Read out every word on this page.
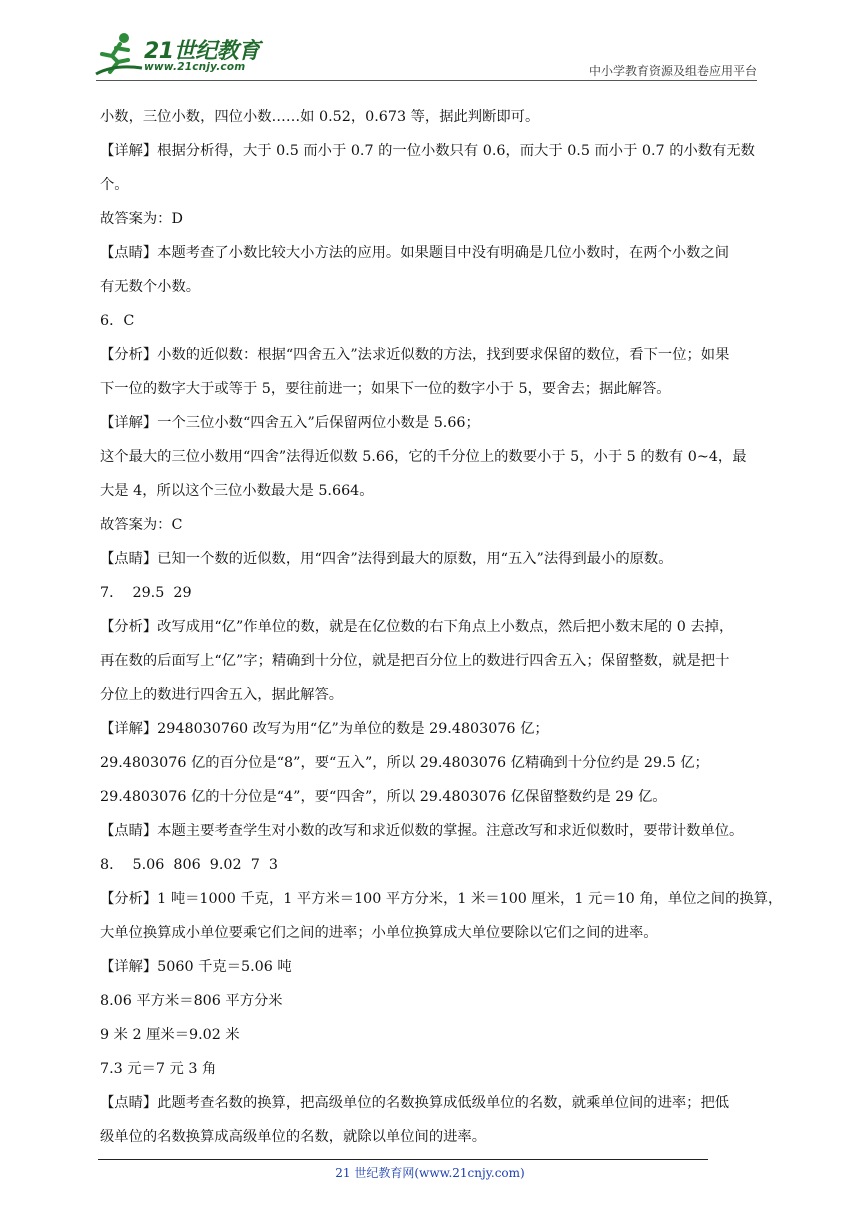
21世纪教育
www.21cnjy.com	中小学教育资源及组卷应用平台

小数，三位小数，四位小数……如 0.52，0.673 等，据此判断即可。

【详解】根据分析得，大于 0.5 而小于 0.7 的一位小数只有 0.6，而大于 0.5 而小于 0.7 的小数有无数

个。

故答案为：D

【点睛】本题考查了小数比较大小方法的应用。如果题目中没有明确是几位小数时，在两个小数之间

有无数个小数。

6．C

【分析】小数的近似数：根据“四舍五入”法求近似数的方法，找到要求保留的数位，看下一位；如果

下一位的数字大于或等于 5，要往前进一；如果下一位的数字小于 5，要舍去；据此解答。

【详解】一个三位小数“四舍五入”后保留两位小数是 5.66；

这个最大的三位小数用“四舍”法得近似数 5.66，它的千分位上的数要小于 5，小于 5 的数有 0~4，最

大是 4，所以这个三位小数最大是 5.664。

故答案为：C

【点睛】已知一个数的近似数，用“四舍”法得到最大的原数，用“五入”法得到最小的原数。

7．  29.5  29

【分析】改写成用“亿”作单位的数，就是在亿位数的右下角点上小数点，然后把小数末尾的 0 去掉，

再在数的后面写上“亿”字；精确到十分位，就是把百分位上的数进行四舍五入；保留整数，就是把十

分位上的数进行四舍五入，据此解答。

【详解】2948030760 改写为用“亿”为单位的数是 29.4803076 亿；

29.4803076 亿的百分位是“8”，要“五入”，所以 29.4803076 亿精确到十分位约是 29.5 亿；

29.4803076 亿的十分位是“4”，要“四舍”，所以 29.4803076 亿保留整数约是 29 亿。

【点睛】本题主要考查学生对小数的改写和求近似数的掌握。注意改写和求近似数时，要带计数单位。

8．  5.06  806  9.02  7  3

【分析】1 吨＝1000 千克，1 平方米＝100 平方分米，1 米＝100 厘米，1 元＝10 角，单位之间的换算，

大单位换算成小单位要乘它们之间的进率；小单位换算成大单位要除以它们之间的进率。

【详解】5060 千克＝5.06 吨

8.06 平方米＝806 平方分米

9 米 2 厘米＝9.02 米

7.3 元＝7 元 3 角

【点睛】此题考查名数的换算，把高级单位的名数换算成低级单位的名数，就乘单位间的进率；把低

级单位的名数换算成高级单位的名数，就除以单位间的进率。

21 世纪教育网(www.21cnjy.com)
